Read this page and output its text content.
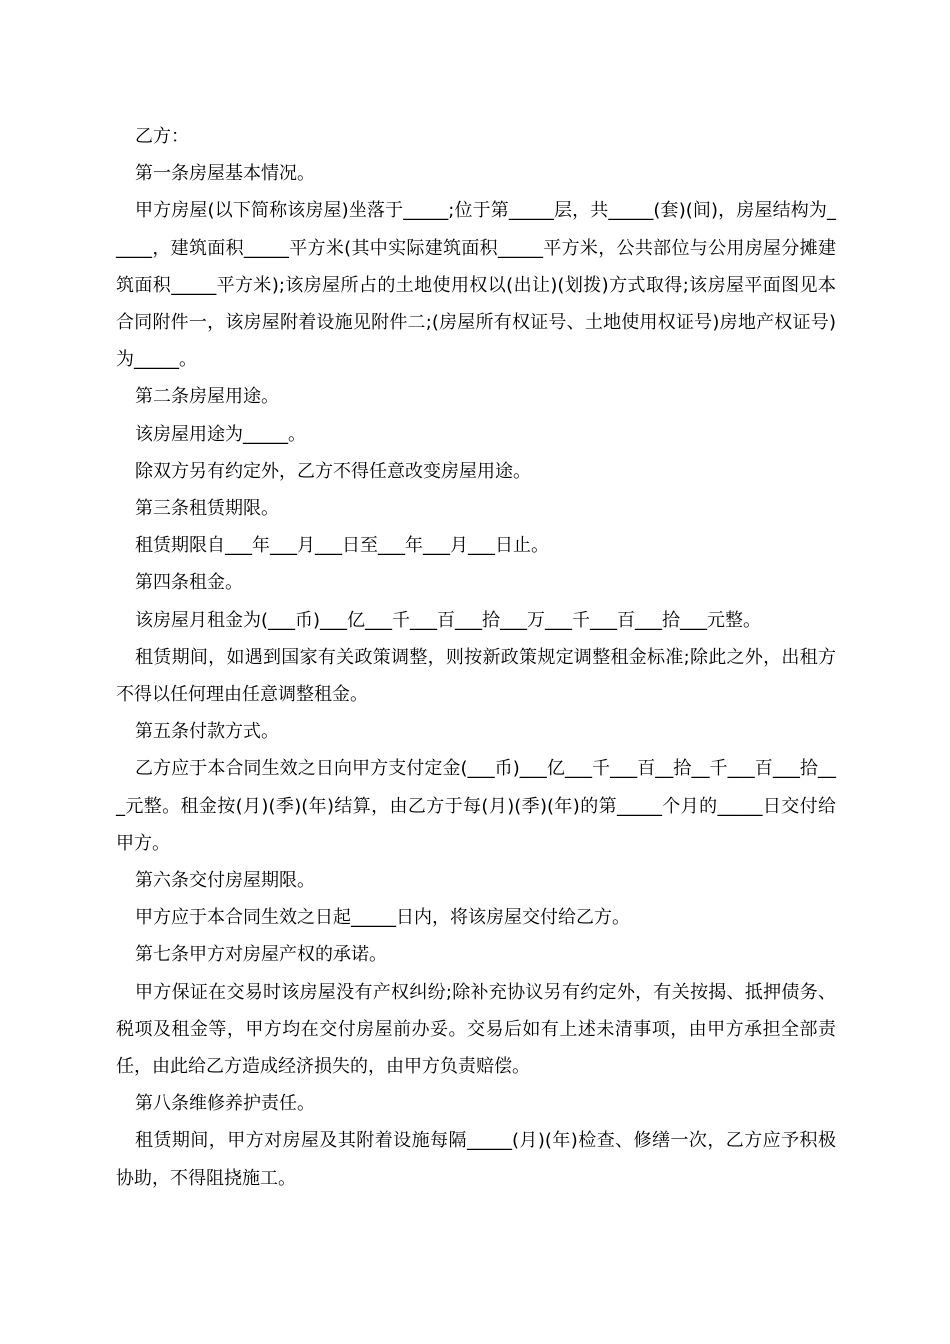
乙方：

第一条房屋基本情况。

甲方房屋(以下简称该房屋)坐落于_____;位于第_____层，共_____(套)(间)，房屋结构为_____，建筑面积_____平方米(其中实际建筑面积_____平方米，公共部位与公用房屋分摊建筑面积_____平方米);该房屋所占的土地使用权以(出让)(划拨)方式取得;该房屋平面图见本合同附件一，该房屋附着设施见附件二;(房屋所有权证号、土地使用权证号)房地产权证号)为_____。

第二条房屋用途。

该房屋用途为_____。

除双方另有约定外，乙方不得任意改变房屋用途。

第三条租赁期限。

租赁期限自___年___月___日至___年___月___日止。

第四条租金。

该房屋月租金为(___币)___亿___千___百___拾___万___千___百___拾___元整。

租赁期间，如遇到国家有关政策调整，则按新政策规定调整租金标准;除此之外，出租方不得以任何理由任意调整租金。

第五条付款方式。

乙方应于本合同生效之日向甲方支付定金(___币)___亿___千___百__拾__千___百___拾___元整。租金按(月)(季)(年)结算，由乙方于每(月)(季)(年)的第_____个月的_____日交付给甲方。

第六条交付房屋期限。

甲方应于本合同生效之日起_____日内，将该房屋交付给乙方。

第七条甲方对房屋产权的承诺。

甲方保证在交易时该房屋没有产权纠纷;除补充协议另有约定外，有关按揭、抵押债务、税项及租金等，甲方均在交付房屋前办妥。交易后如有上述未清事项，由甲方承担全部责任，由此给乙方造成经济损失的，由甲方负责赔偿。

第八条维修养护责任。

租赁期间，甲方对房屋及其附着设施每隔_____(月)(年)检查、修缮一次，乙方应予积极协助，不得阻挠施工。
